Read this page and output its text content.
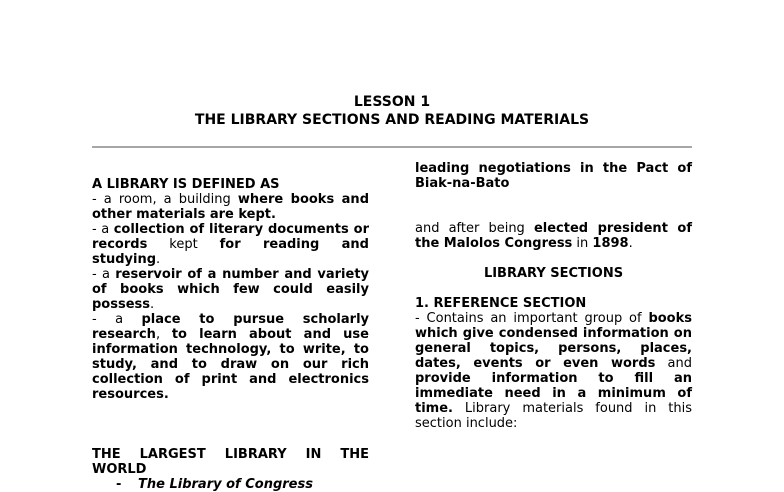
LESSON 1
THE LIBRARY SECTIONS AND READING MATERIALS

A LIBRARY IS DEFINED AS

- a room, a building where books and other materials are kept.

- a collection of literary documents or records kept for reading and studying.

- a reservoir of a number and variety of books which few could easily possess.

- a place to pursue scholarly research, to learn about and use information technology, to write, to study, and to draw on our rich collection of print and electronics resources.

THE LARGEST LIBRARY IN THE WORLD

- The Library of Congress

leading negotiations in the Pact of Biak-na-Bato

and after being elected president of the Malolos Congress in 1898.

LIBRARY SECTIONS

1. REFERENCE SECTION

- Contains an important group of books which give condensed information on general topics, persons, places, dates, events or even words and provide information to fill an immediate need in a minimum of time. Library materials found in this section include:
